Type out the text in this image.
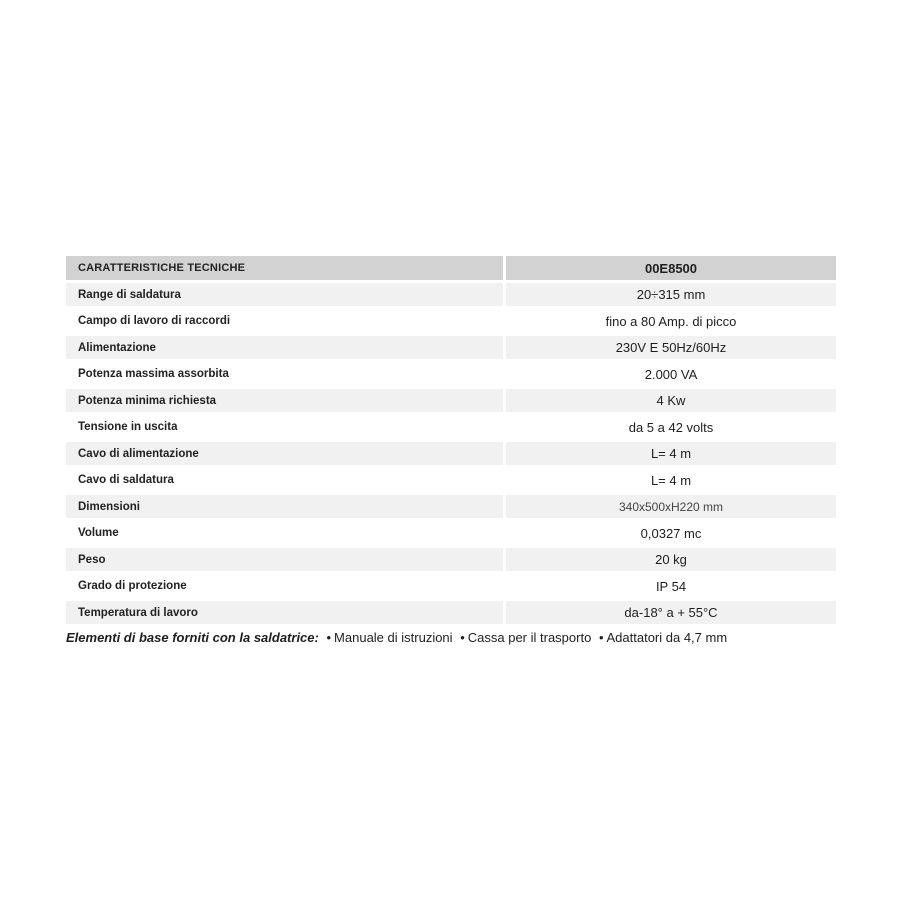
CARATTERISTICHE TECNICHE	00E8500
Range di saldatura	20÷315 mm
Campo di lavoro di raccordi	fino a 80 Amp. di picco
Alimentazione	230V E 50Hz/60Hz
Potenza massima assorbita	2.000 VA
Potenza minima richiesta	4 Kw
Tensione in uscita	da 5 a 42 volts
Cavo di alimentazione	L= 4 m
Cavo di saldatura	L= 4 m
Dimensioni	340x500xH220 mm
Volume	0,0327 mc
Peso	20 kg
Grado di protezione	IP 54
Temperatura di lavoro	da-18° a + 55°C
Elementi di base forniti con la saldatrice: • Manuale di istruzioni • Cassa per il trasporto • Adattatori da 4,7 mm
